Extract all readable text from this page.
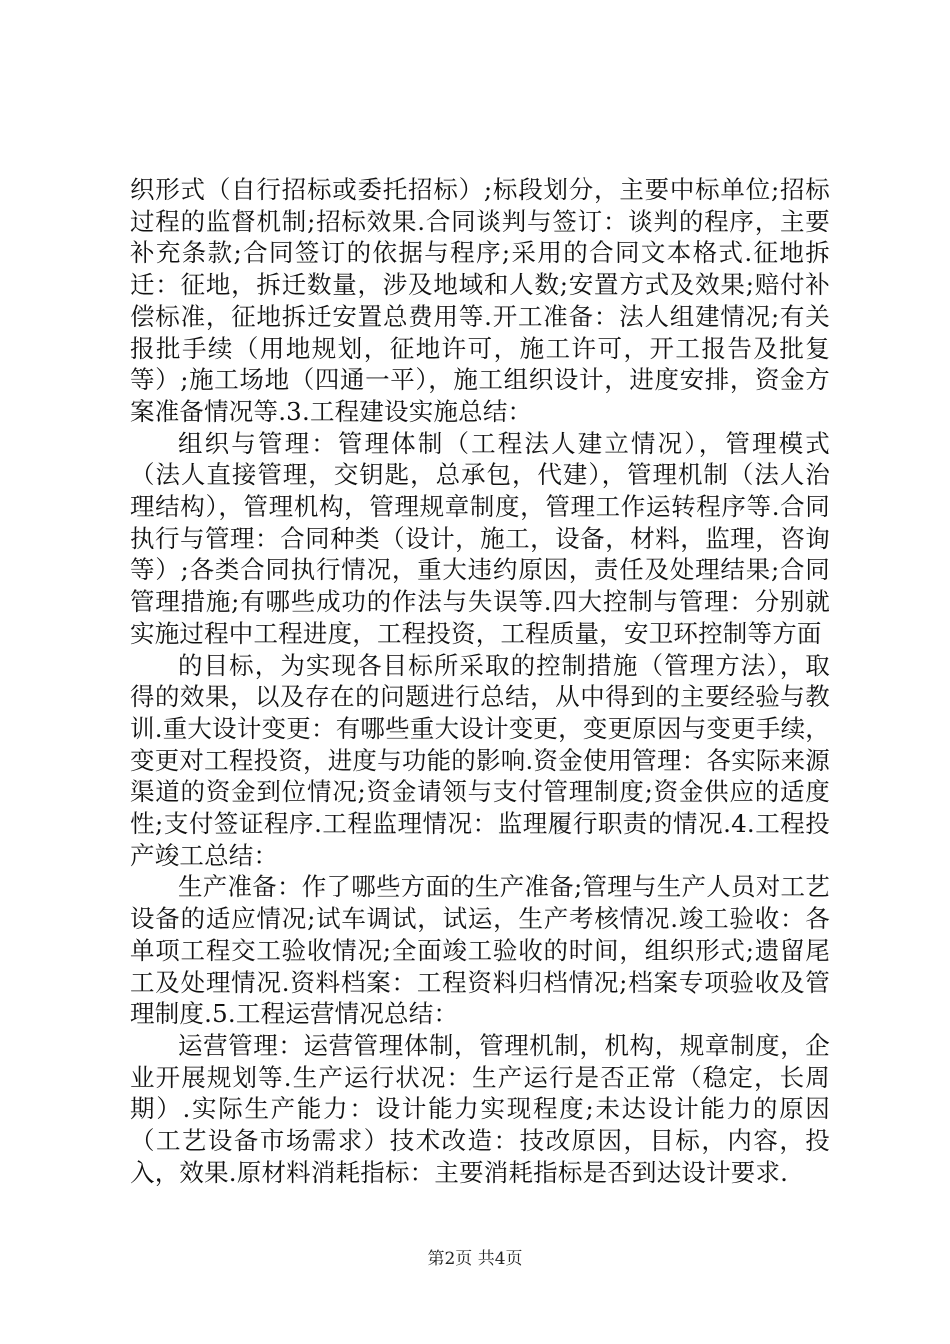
织形式（自行招标或委托招标）;标段划分，主要中标单位;招标过程的监督机制;招标效果.合同谈判与签订：谈判的程序，主要补充条款;合同签订的依据与程序;采用的合同文本格式.征地拆迁：征地，拆迁数量，涉及地域和人数;安置方式及效果;赔付补偿标准，征地拆迁安置总费用等.开工准备：法人组建情况;有关报批手续（用地规划，征地许可，施工许可，开工报告及批复等）;施工场地（四通一平），施工组织设计，进度安排，资金方案准备情况等.3.工程建设实施总结：

组织与管理：管理体制（工程法人建立情况），管理模式（法人直接管理，交钥匙，总承包，代建），管理机制（法人治理结构），管理机构，管理规章制度，管理工作运转程序等.合同执行与管理：合同种类（设计，施工，设备，材料，监理，咨询等）;各类合同执行情况，重大违约原因，责任及处理结果;合同管理措施;有哪些成功的作法与失误等.四大控制与管理：分别就实施过程中工程进度，工程投资，工程质量，安卫环控制等方面

的目标，为实现各目标所采取的控制措施（管理方法），取得的效果，以及存在的问题进行总结，从中得到的主要经验与教训.重大设计变更：有哪些重大设计变更，变更原因与变更手续，变更对工程投资，进度与功能的影响.资金使用管理：各实际来源渠道的资金到位情况;资金请领与支付管理制度;资金供应的适度性;支付签证程序.工程监理情况：监理履行职责的情况.4.工程投产竣工总结：

生产准备：作了哪些方面的生产准备;管理与生产人员对工艺设备的适应情况;试车调试，试运，生产考核情况.竣工验收：各单项工程交工验收情况;全面竣工验收的时间，组织形式;遗留尾工及处理情况.资料档案：工程资料归档情况;档案专项验收及管理制度.5.工程运营情况总结：

运营管理：运营管理体制，管理机制，机构，规章制度，企业开展规划等.生产运行状况：生产运行是否正常（稳定，长周期）.实际生产能力：设计能力实现程度;未达设计能力的原因（工艺设备市场需求）技术改造：技改原因，目标，内容，投入，效果.原材料消耗指标：主要消耗指标是否到达设计要求.

第2页 共4页
